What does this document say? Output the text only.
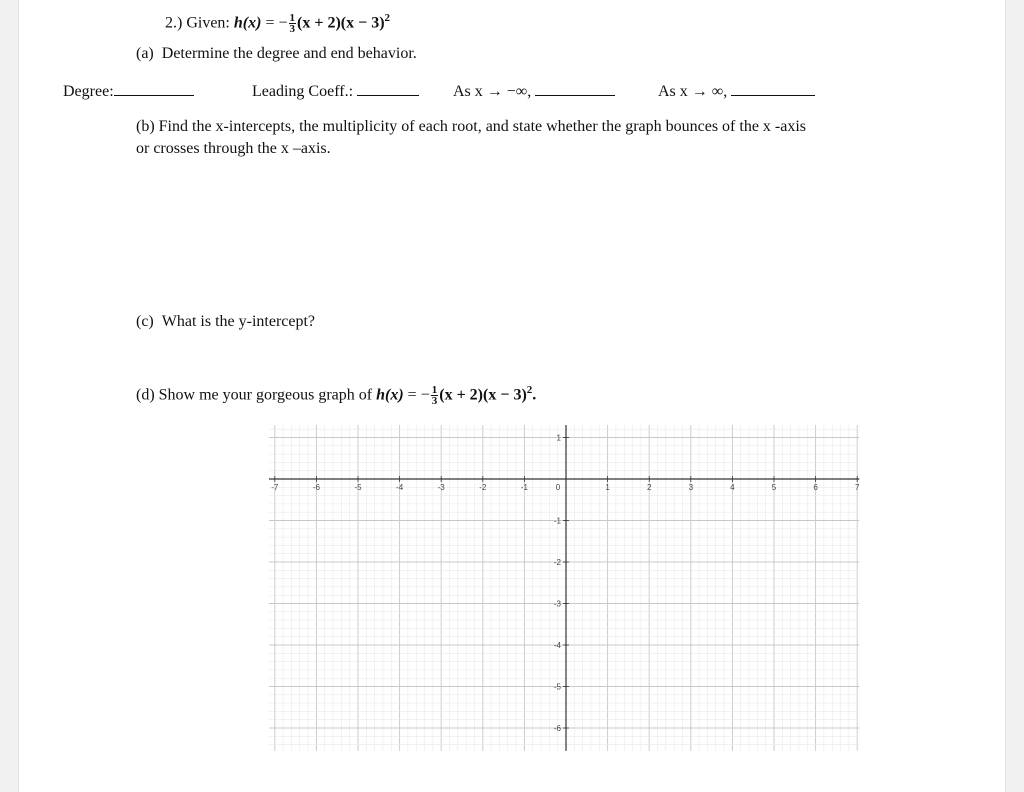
2.) Given: h(x) = − $\frac{1}{3} (x + 2)(x - 3)^2$
(a) Determine the degree and end behavior.
Degree:	Leading Coeff.:	As x → −∞,	As x → ∞,
(b) Find the x-intercepts, the multiplicity of each root, and state whether the graph bounces of the x -axis
or crosses through the x –axis.
(c) What is the y-intercept?
(d) Show me your gorgeous graph of h(x) = − $\frac{1}{3} (x + 2)(x - 3)^2$.
-7	-6	-5	-4	-3	-2	-1	0	1	2	3	4	5	6	7
1
-1
-2
-3
-4
-5
-6
